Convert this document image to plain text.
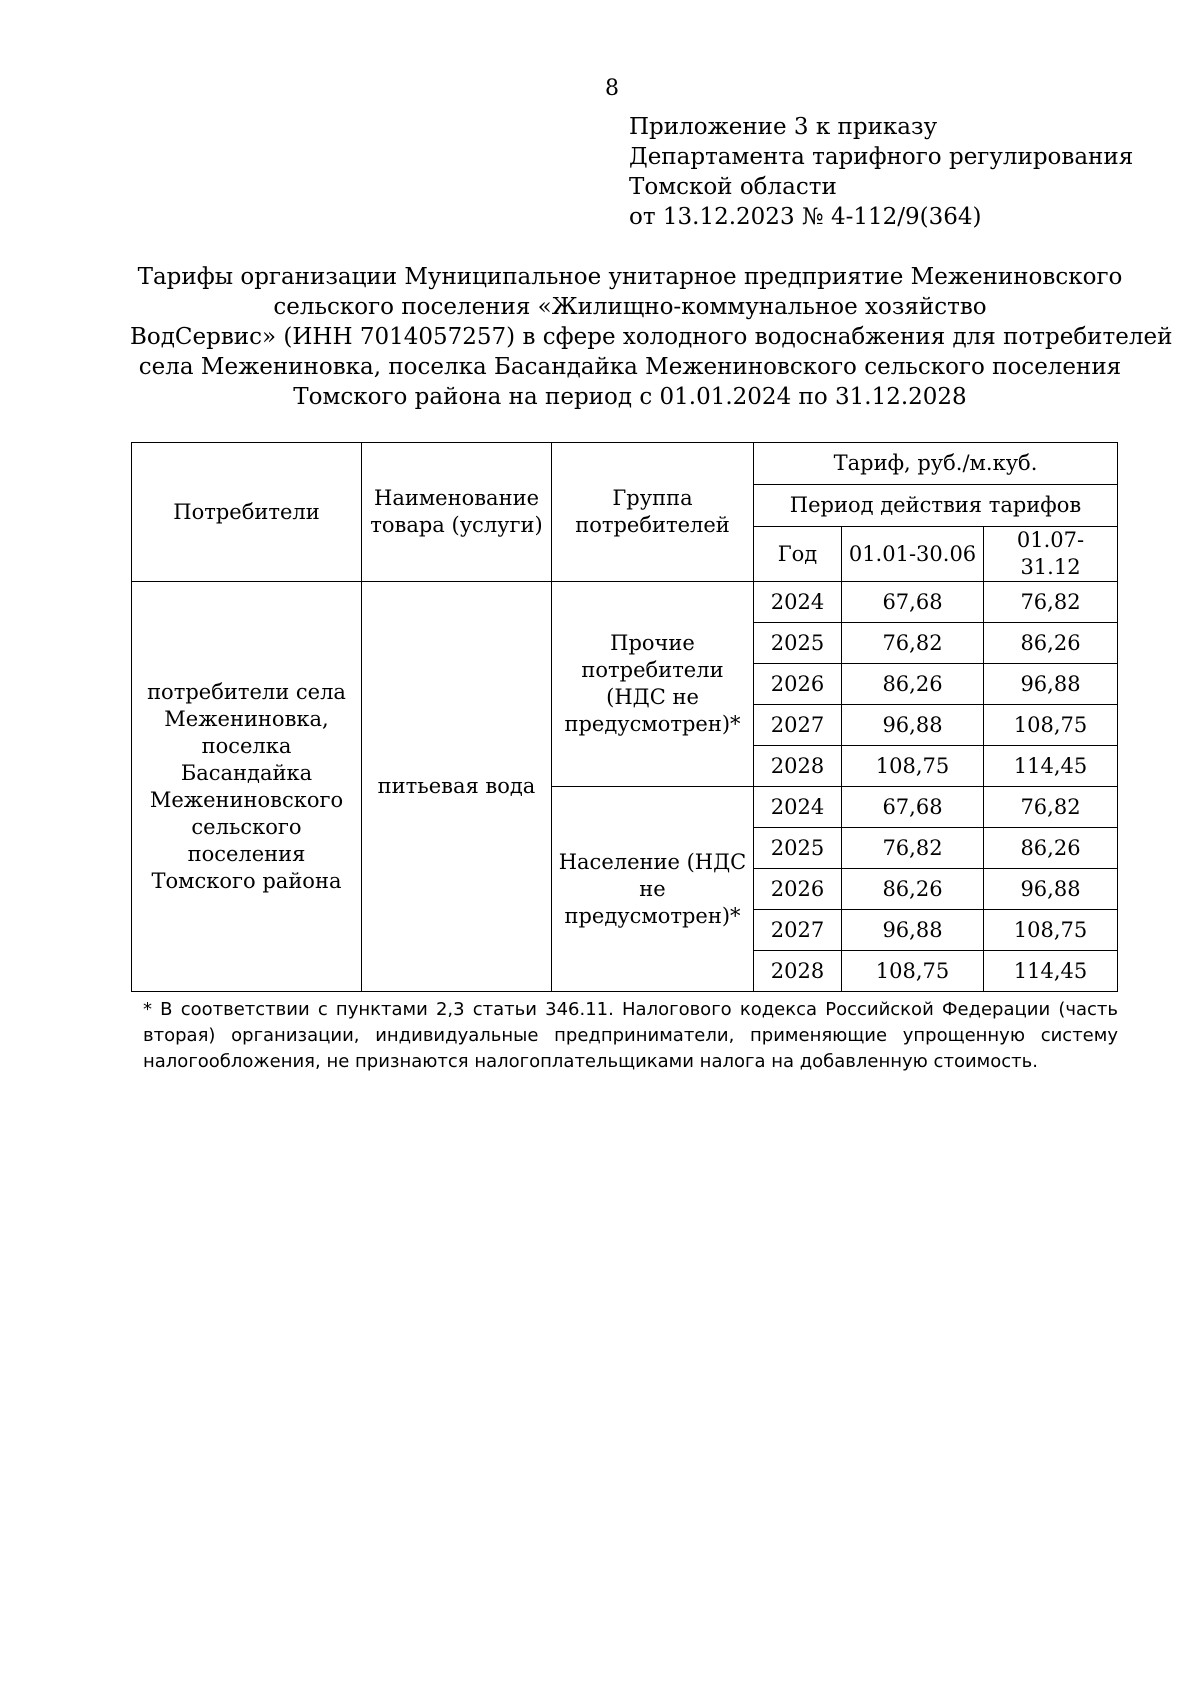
8
Приложение 3 к приказу
Департамента тарифного регулирования
Томской области
от 13.12.2023 № 4-112/9(364)
Тарифы организации Муниципальное унитарное предприятие Межениновского
сельского поселения «Жилищно-коммунальное хозяйство
ВодСервис» (ИНН 7014057257) в сфере холодного водоснабжения для потребителей
села Межениновка, поселка Басандайка Межениновского сельского поселения
Томского района на период с 01.01.2024 по 31.12.2028
Потребители	Наименование товара (услуги)	Группа потребителей	Тариф, руб./м.куб.		
			Период действия тарифов		
			Год	01.01-30.06	01.07-31.12
потребители села Межениновка, поселка Басандайка Межениновского сельского поселения Томского района	питьевая вода	Прочие потребители (НДС не предусмотрен)*	2024	67,68	76,82
			2025	76,82	86,26
			2026	86,26	96,88
			2027	96,88	108,75
			2028	108,75	114,45
		Население (НДС не предусмотрен)*	2024	67,68	76,82
			2025	76,82	86,26
			2026	86,26	96,88
			2027	96,88	108,75
			2028	108,75	114,45
* В соответствии с пунктами 2,3 статьи 346.11. Налогового кодекса Российской Федерации (часть
вторая) организации, индивидуальные предприниматели, применяющие упрощенную систему
налогообложения, не признаются налогоплательщиками налога на добавленную стоимость.
